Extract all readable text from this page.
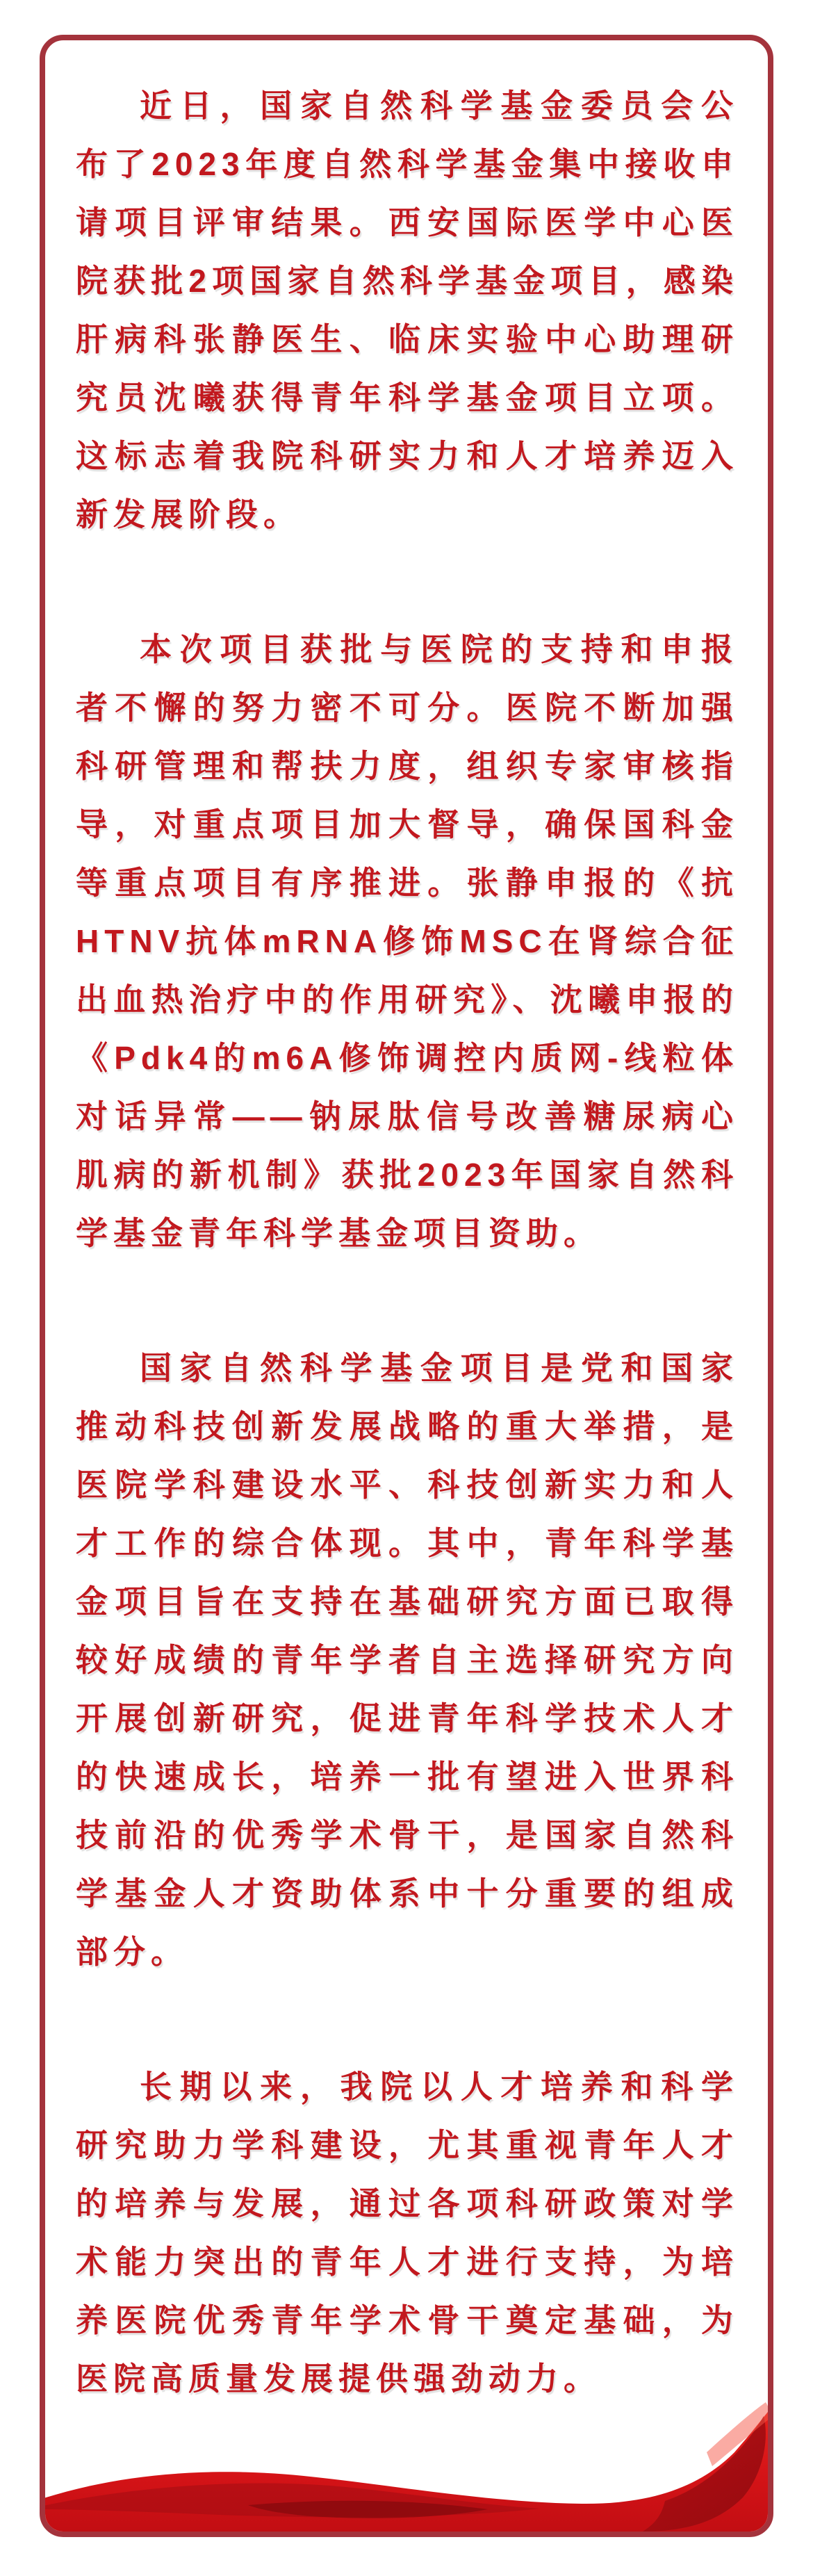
近日，国家自然科学基金委员会公布了2023年度自然科学基金集中接收申请项目评审结果。西安国际医学中心医院获批2项国家自然科学基金项目，感染肝病科张静医生、临床实验中心助理研究员沈曦获得青年科学基金项目立项。这标志着我院科研实力和人才培养迈入新发展阶段。

本次项目获批与医院的支持和申报者不懈的努力密不可分。医院不断加强科研管理和帮扶力度，组织专家审核指导，对重点项目加大督导，确保国科金等重点项目有序推进。张静申报的《抗HTNV抗体mRNA修饰MSC在肾综合征出血热治疗中的作用研究》、沈曦申报的《Pdk4的m6A修饰调控内质网-线粒体对话异常——钠尿肽信号改善糖尿病心肌病的新机制》获批2023年国家自然科学基金青年科学基金项目资助。

国家自然科学基金项目是党和国家推动科技创新发展战略的重大举措，是医院学科建设水平、科技创新实力和人才工作的综合体现。其中，青年科学基金项目旨在支持在基础研究方面已取得较好成绩的青年学者自主选择研究方向开展创新研究，促进青年科学技术人才的快速成长，培养一批有望进入世界科技前沿的优秀学术骨干，是国家自然科学基金人才资助体系中十分重要的组成部分。

长期以来，我院以人才培养和科学研究助力学科建设，尤其重视青年人才的培养与发展，通过各项科研政策对学术能力突出的青年人才进行支持，为培养医院优秀青年学术骨干奠定基础，为医院高质量发展提供强劲动力。
